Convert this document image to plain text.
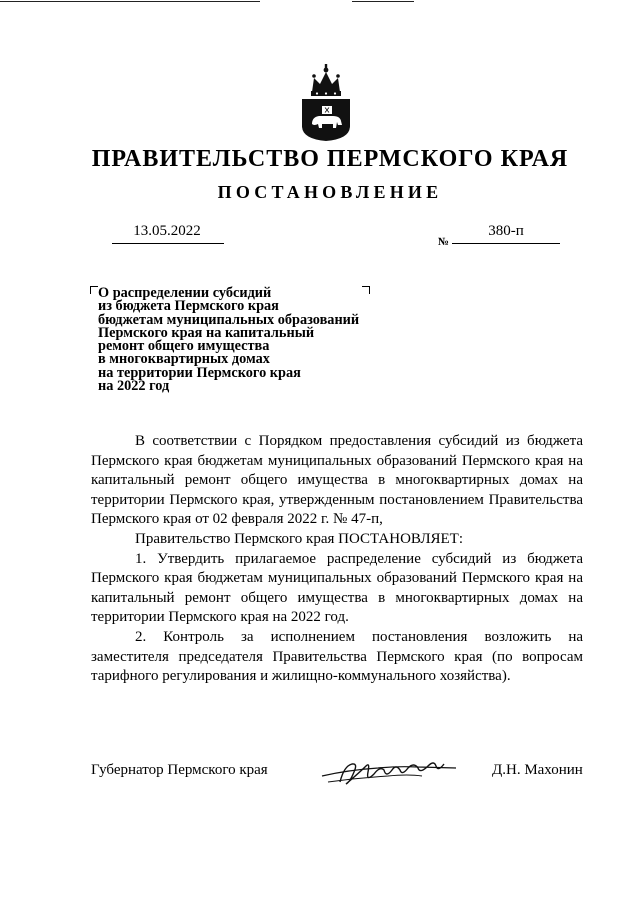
ПРАВИТЕЛЬСТВО ПЕРМСКОГО КРАЯ
ПОСТАНОВЛЕНИЕ
13.05.2022
№
380-п
О распределении субсидий
из бюджета Пермского края
бюджетам муниципальных образований
Пермского края на капитальный
ремонт общего имущества
в многоквартирных домах
на территории Пермского края
на 2022 год

В соответствии с Порядком предоставления субсидий из бюджета Пермского края бюджетам муниципальных образований Пермского края на капитальный ремонт общего имущества в многоквартирных домах на территории Пермского края, утвержденным постановлением Правительства Пермского края от 02 февраля 2022 г. № 47-п,

Правительство Пермского края ПОСТАНОВЛЯЕТ:

1. Утвердить прилагаемое распределение субсидий из бюджета Пермского края бюджетам муниципальных образований Пермского края на капитальный ремонт общего имущества в многоквартирных домах на территории Пермского края на 2022 год.

2. Контроль за исполнением постановления возложить на заместителя председателя Правительства Пермского края (по вопросам тарифного регулирования и жилищно-коммунального хозяйства).

Губернатор Пермского края	Д.Н. Махонин
